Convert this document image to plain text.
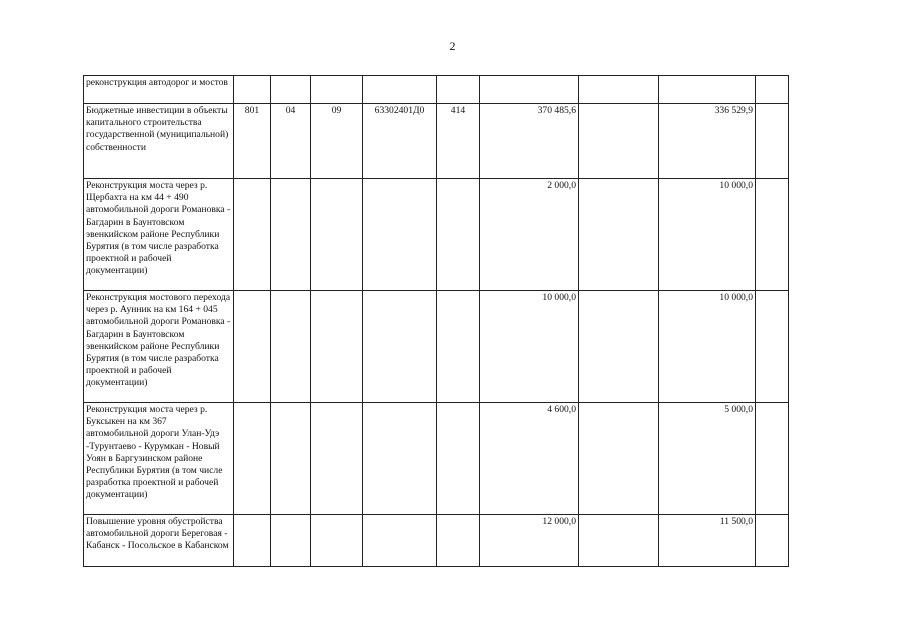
2
реконструкция автодорог и мостов									
Бюджетные инвестиции в объекты капитального строительства государственной (муниципальной) собственности	801	04	09	63302401Д0	414	370 485,6		336 529,9	
Реконструкция моста через р. Щербахта на км 44 + 490 автомобильной дороги Романовка - Багдарин в Баунтовском эвенкийском районе Республики Бурятия (в том числе разработка проектной и рабочей документации)						2 000,0		10 000,0	
Реконструкция мостового перехода через р. Аунник на км 164 + 045 автомобильной дороги Романовка - Багдарин в Баунтовском эвенкийском районе Республики Бурятия (в том числе разработка проектной и рабочей документации)						10 000,0		10 000,0	
Реконструкция моста через р. Буксыкен на км 367 автомобильной дороги Улан-Удэ -Турунтаево - Курумкан - Новый Уоян в Баргузинском районе Республики Бурятия (в том числе разработка проектной и рабочей документации)						4 600,0		5 000,0	
Повышение уровня обустройства автомобильной дороги Береговая - Кабанск - Посольское в Кабанском						12 000,0		11 500,0	
